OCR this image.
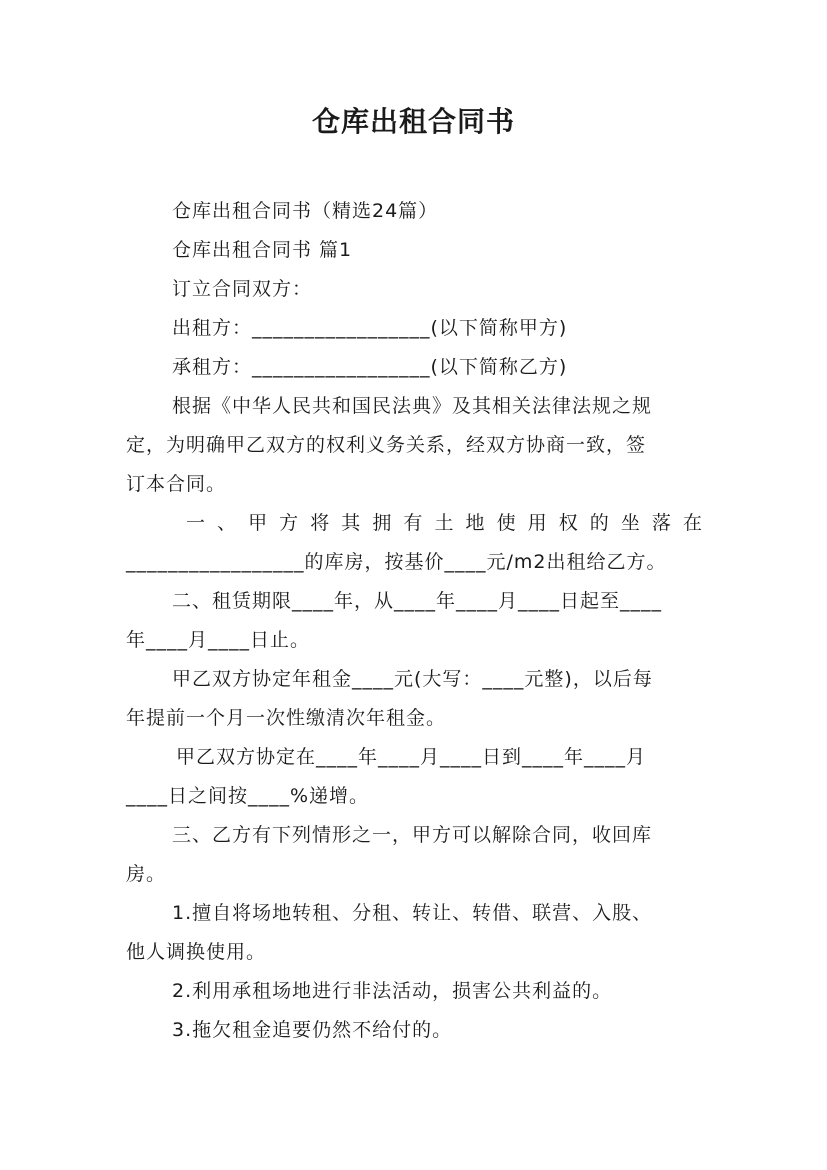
仓库出租合同书
仓库出租合同书（精选24篇）
仓库出租合同书 篇1
订立合同双方：
出租方：_________________(以下简称甲方)
承租方：_________________(以下简称乙方)
根据《中华人民共和国民法典》及其相关法律法规之规
定，为明确甲乙双方的权利义务关系，经双方协商一致，签
订本合同。
一 、 甲 方 将 其 拥 有 土 地 使 用 权 的 坐 落 在
_________________的库房，按基价____元/m2出租给乙方。
二、租赁期限____年，从____年____月____日起至____
年____月____日止。
甲乙双方协定年租金____元(大写：____元整)，以后每
年提前一个月一次性缴清次年租金。
甲乙双方协定在____年____月____日到____年____月
____日之间按____%递增。
三、乙方有下列情形之一，甲方可以解除合同，收回库
房。
1.擅自将场地转租、分租、转让、转借、联营、入股、
他人调换使用。
2.利用承租场地进行非法活动，损害公共利益的。
3.拖欠租金追要仍然不给付的。
